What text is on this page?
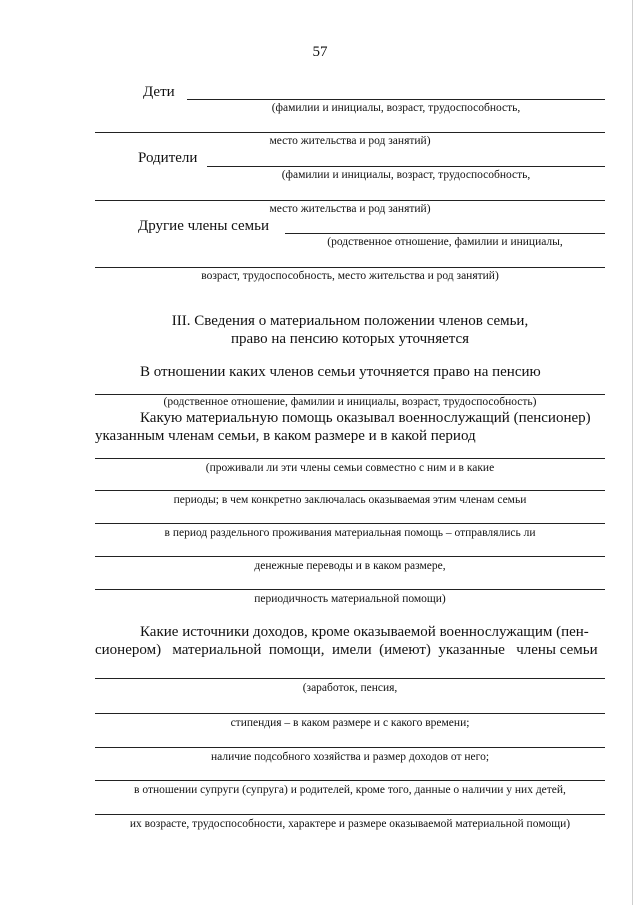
57
Дети
(фамилии и инициалы, возраст, трудоспособность,
место жительства и род занятий)
Родители
(фамилии и инициалы, возраст, трудоспособность,
место жительства и род занятий)
Другие члены семьи
(родственное отношение, фамилии и инициалы,
возраст, трудоспособность, место жительства и род занятий)
III. Сведения о материальном положении членов семьи,
право на пенсию которых уточняется
В отношении каких членов семьи уточняется право на пенсию
(родственное отношение, фамилии и инициалы, возраст, трудоспособность)
Какую материальную помощь оказывал военнослужащий (пенсионер)
указанным членам семьи, в каком размере и в какой период
(проживали ли эти члены семьи совместно с ним и в какие
периоды; в чем конкретно заключалась оказываемая этим членам семьи
в период раздельного проживания материальная помощь – отправлялись ли
денежные переводы и в каком размере,
периодичность материальной помощи)
Какие источники доходов, кроме оказываемой военнослужащим (пен-
сионером)   материальной  помощи,  имели  (имеют)  указанные   члены семьи
(заработок, пенсия,
стипендия – в каком размере и с какого времени;
наличие подсобного хозяйства и размер доходов от него;
в отношении супруги (супруга) и родителей, кроме того, данные о наличии у них детей,
их возрасте, трудоспособности, характере и размере оказываемой материальной помощи)
